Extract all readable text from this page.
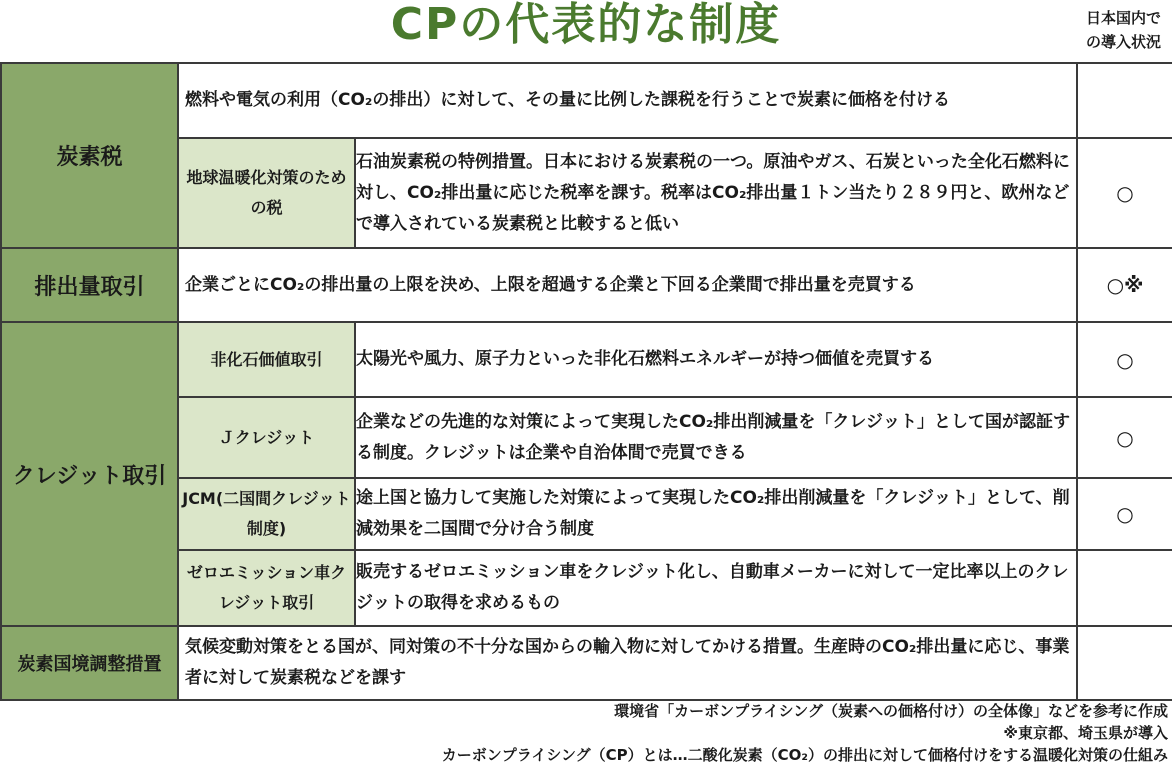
CPの代表的な制度	日本国内で
の導入状況
炭素税	燃料や電気の利用（CO₂の排出）に対して、その量に比例した課税を行うことで炭素に価格を付ける		
	地球温暖化対策のための税	石油炭素税の特例措置。日本における炭素税の一つ。原油やガス、石炭といった全化石燃料に対し、CO₂排出量に応じた税率を課す。税率はCO₂排出量１トン当たり２８９円と、欧州などで導入されている炭素税と比較すると低い	○
排出量取引	企業ごとにCO₂の排出量の上限を決め、上限を超過する企業と下回る企業間で排出量を売買する		○※
クレジット取引	非化石価値取引	太陽光や風力、原子力といった非化石燃料エネルギーが持つ価値を売買する	○
	Ｊクレジット	企業などの先進的な対策によって実現したCO₂排出削減量を「クレジット」として国が認証する制度。クレジットは企業や自治体間で売買できる	○
	JCM(二国間クレジット制度)	途上国と協力して実施した対策によって実現したCO₂排出削減量を「クレジット」として、削減効果を二国間で分け合う制度	○
	ゼロエミッション車クレジット取引	販売するゼロエミッション車をクレジット化し、自動車メーカーに対して一定比率以上のクレジットの取得を求めるもの	
炭素国境調整措置	気候変動対策をとる国が、同対策の不十分な国からの輸入物に対してかける措置。生産時のCO₂排出量に応じ、事業者に対して炭素税などを課す		
環境省「カーボンプライシング（炭素への価格付け）の全体像」などを参考に作成
※東京都、埼玉県が導入
カーボンプライシング（CP）とは…二酸化炭素（CO₂）の排出に対して価格付けをする温暖化対策の仕組み
